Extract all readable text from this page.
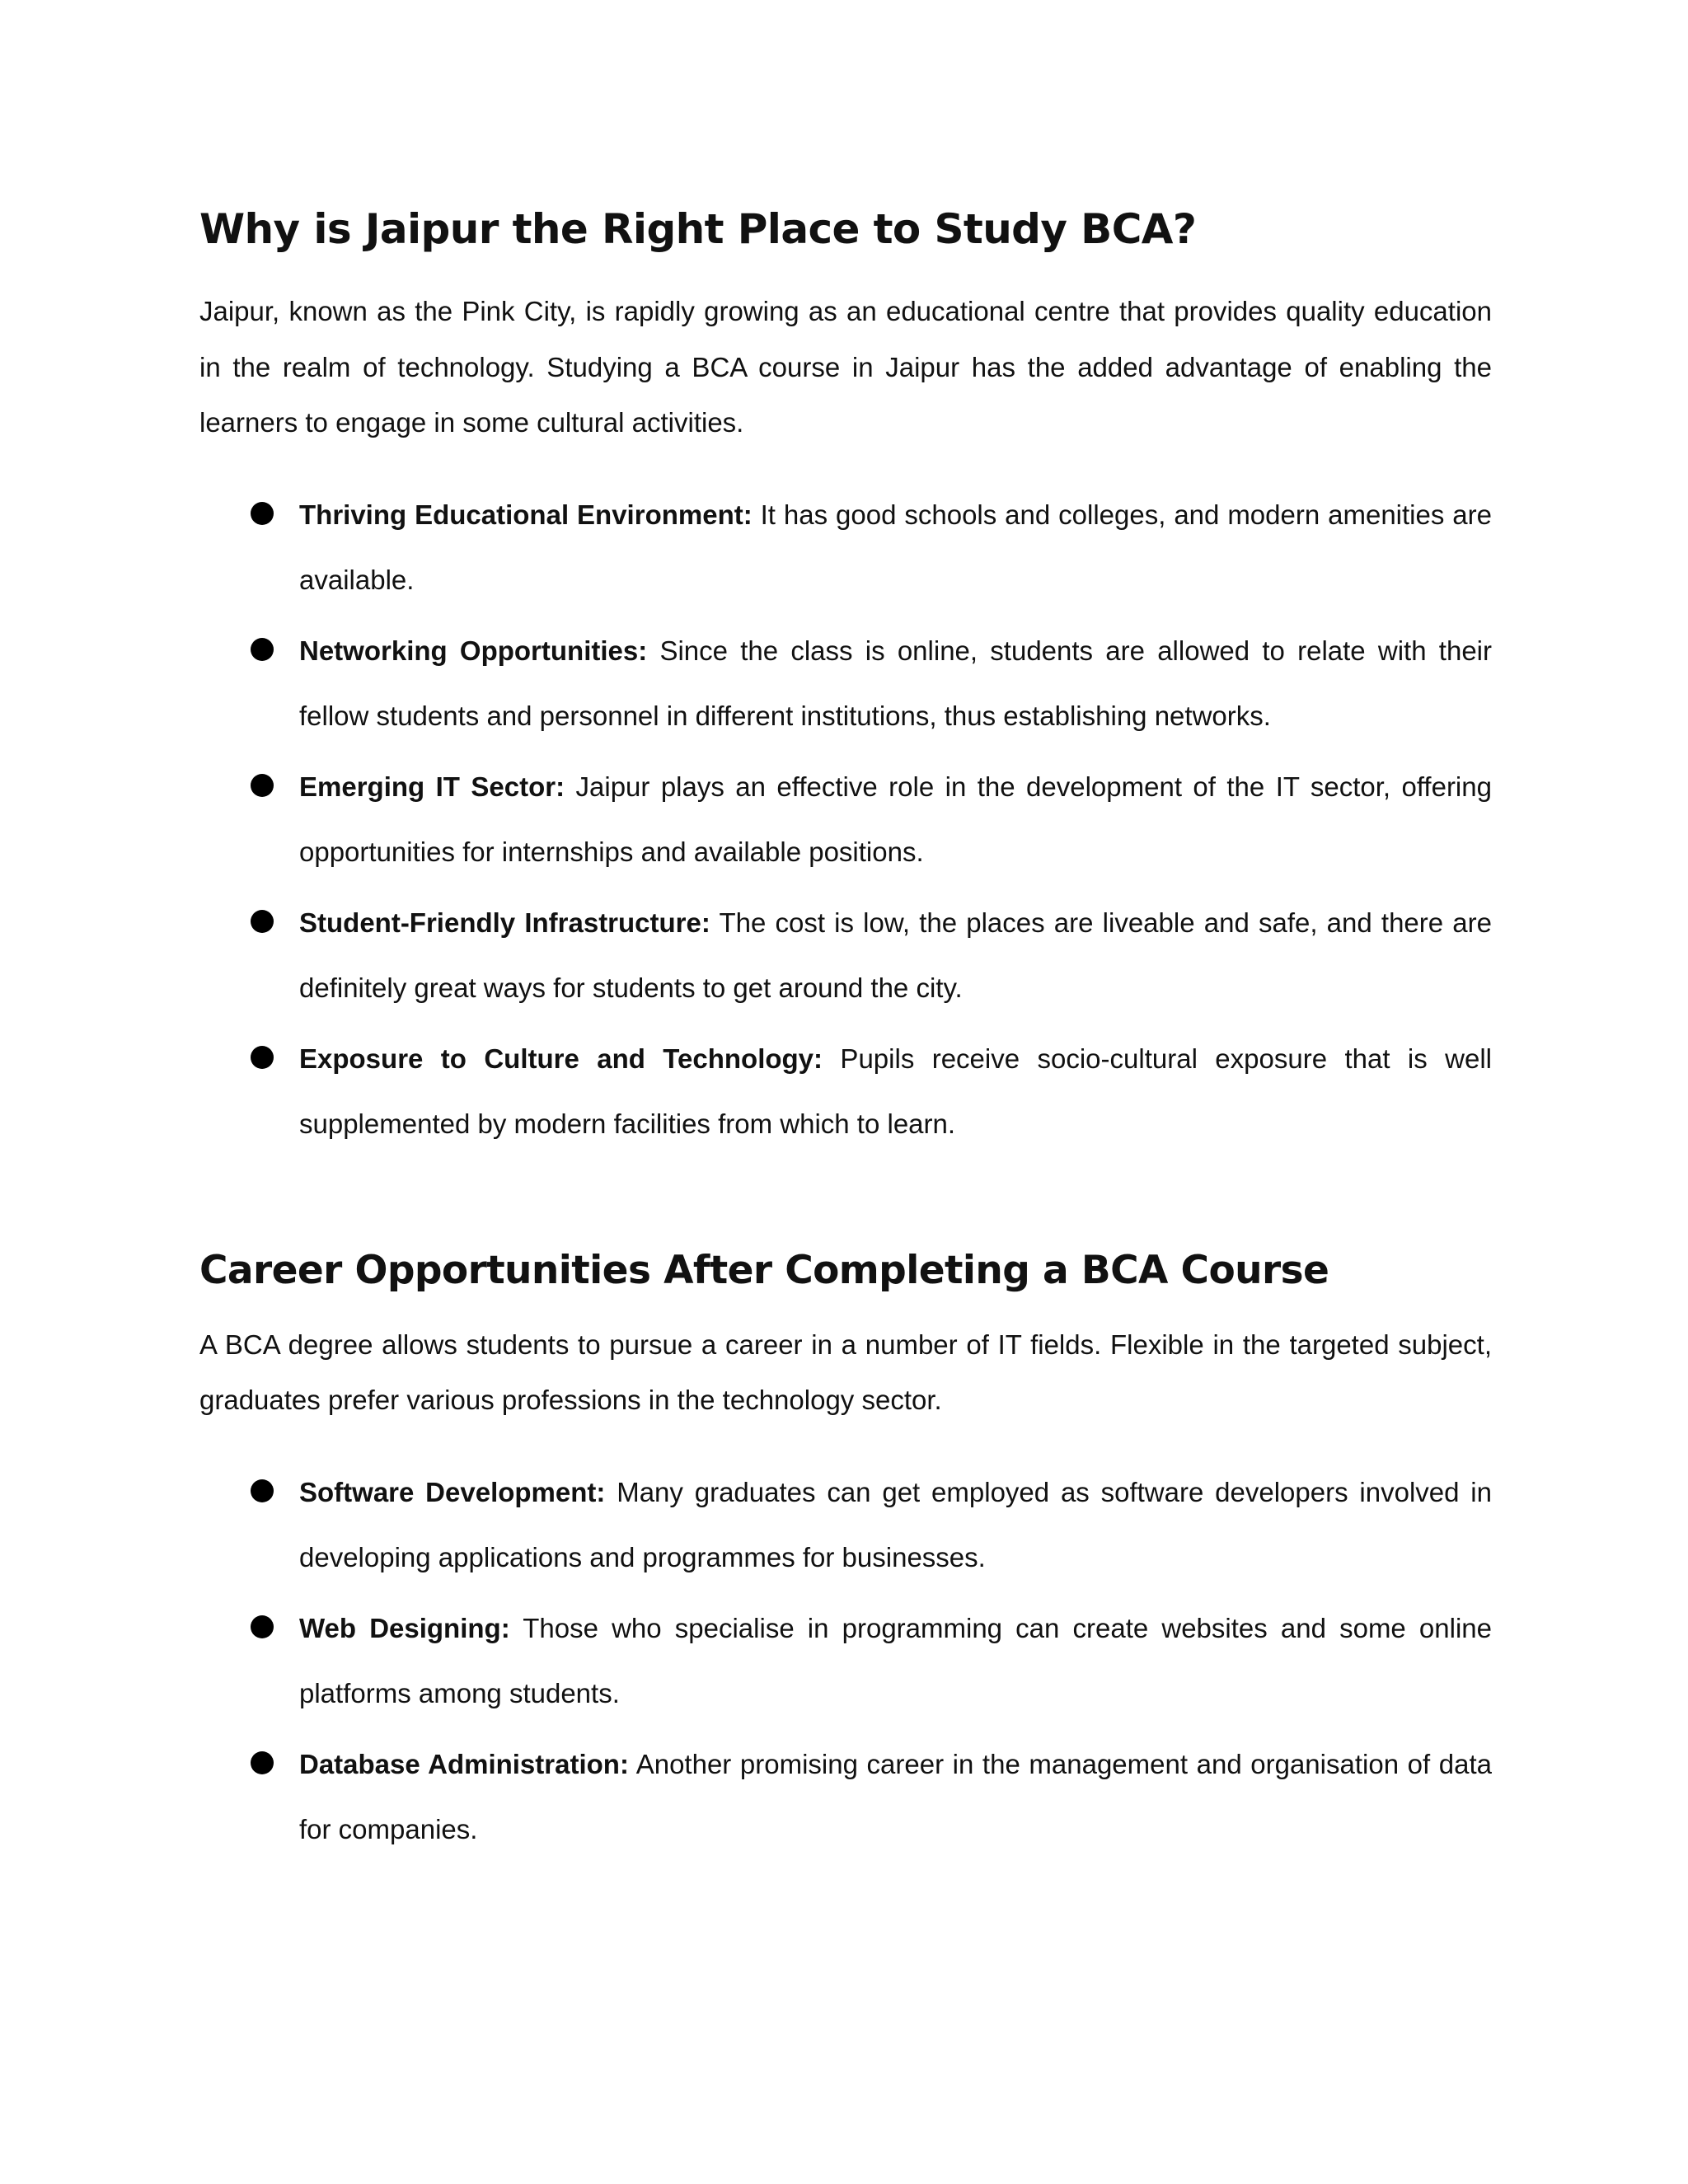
Why is Jaipur the Right Place to Study BCA?

Jaipur, known as the Pink City, is rapidly growing as an educational centre that provides quality education in the realm of technology. Studying a BCA course in Jaipur has the added advantage of enabling the learners to engage in some cultural activities.

Thriving Educational Environment: It has good schools and colleges, and modern amenities are available.
Networking Opportunities: Since the class is online, students are allowed to relate with their fellow students and personnel in different institutions, thus establishing networks.
Emerging IT Sector: Jaipur plays an effective role in the development of the IT sector, offering opportunities for internships and available positions.
Student-Friendly Infrastructure: The cost is low, the places are liveable and safe, and there are definitely great ways for students to get around the city.
Exposure to Culture and Technology: Pupils receive socio-cultural exposure that is well supplemented by modern facilities from which to learn.
Career Opportunities After Completing a BCA Course

A BCA degree allows students to pursue a career in a number of IT fields. Flexible in the targeted subject, graduates prefer various professions in the technology sector.

Software Development: Many graduates can get employed as software developers involved in developing applications and programmes for businesses.
Web Designing: Those who specialise in programming can create websites and some online platforms among students.
Database Administration: Another promising career in the management and organisation of data for companies.
